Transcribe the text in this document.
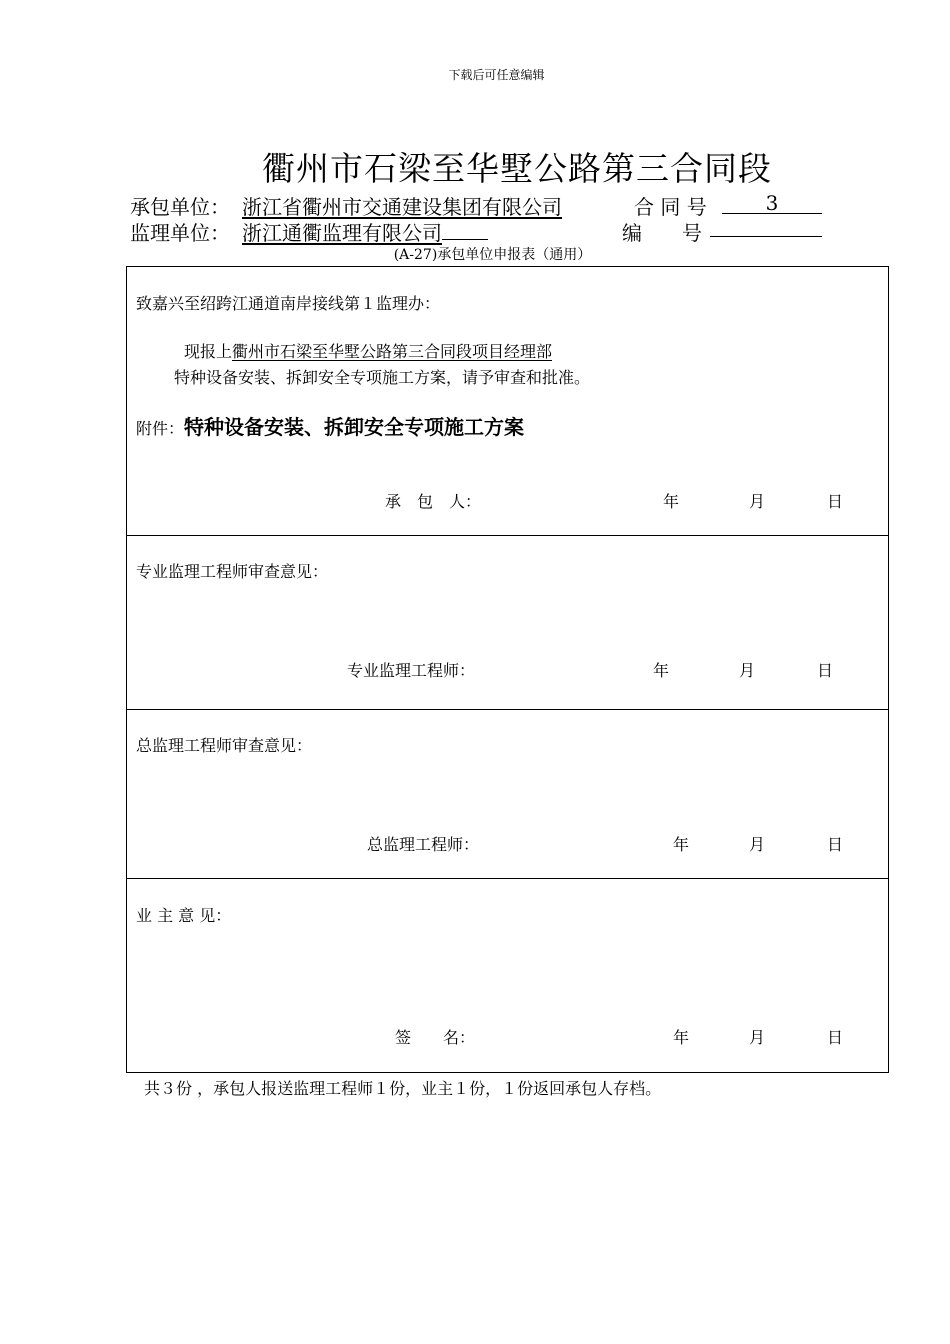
下载后可任意编辑
衢州市石梁至华墅公路第三合同段
承包单位： 浙江省衢州市交通建设集团有限公司	合 同 号	3
监理单位： 浙江通衢监理有限公司	编　　号
(A-27)承包单位申报表（通用）
致嘉兴至绍跨江通道南岸接线第１监理办：
现报上衢州市石梁至华墅公路第三合同段项目经理部
特种设备安装、拆卸安全专项施工方案，请予审查和批准。
附件：特种设备安装、拆卸安全专项施工方案
承　包　人：	年	月	日
专业监理工程师审查意见：
专业监理工程师：	年	月	日
总监理工程师审查意见：
总监理工程师：	年	月	日
业 主 意 见：
签　　名：	年	月	日
共３份 ，承包人报送监理工程师１份，业主１份，１份返回承包人存档。
